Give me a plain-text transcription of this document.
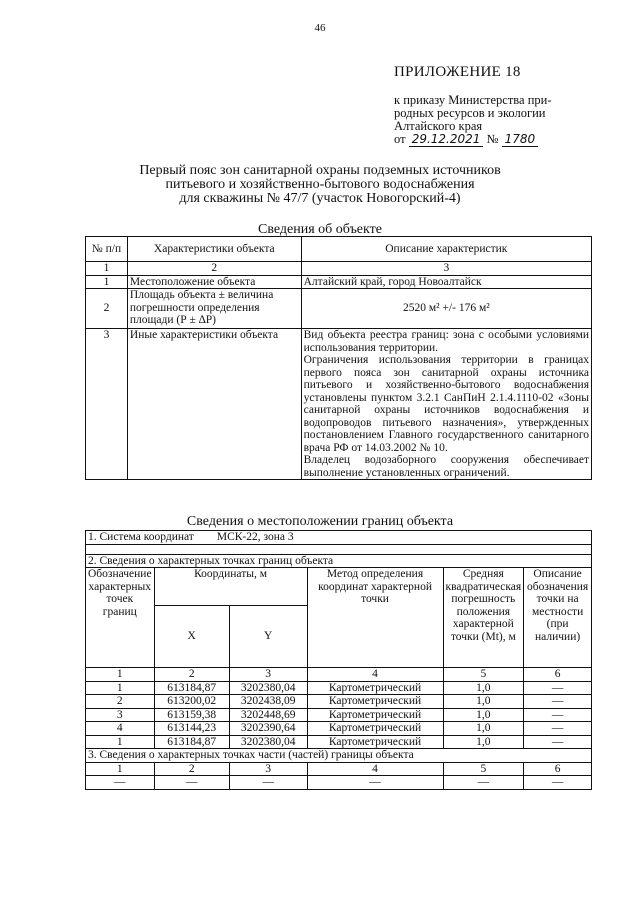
46
ПРИЛОЖЕНИЕ 18
к приказу Министерства при-
родных ресурсов и экологии
Алтайского края
от 29.12.2021 № 1780
Первый пояс зон санитарной охраны подземных источников
питьевого и хозяйственно-бытового водоснабжения
для скважины № 47/7 (участок Новогорский-4)
Сведения об объекте
№ п/п	Характеристики объекта	Описание характеристик
1	2	3
1	Местоположение объекта	Алтайский край, город Новоалтайск
2	Площадь объекта ± величина погрешности определения площади (Р ± ∆Р)	2520 м² +/- 176 м²
3	Иные характеристики объекта	Вид объекта реестра границ: зона с особыми условиями использования территории.
Ограничения использования территории в границах первого пояса зон санитарной охраны источника питьевого и хозяйственно-бытового водоснабжения установлены пунктом 3.2.1 СанПиН 2.1.4.1110-02 «Зоны санитарной охраны источников водоснабжения и водопроводов питьевого назначения», утвержденных постановлением Главного государственного санитарного врача РФ от 14.03.2002 № 10.
Владелец водозаборного сооружения обеспечивает выполнение установленных ограничений.
Сведения о местоположении границ объекта
1. Система координат МСК-22, зона 3					

2. Сведения о характерных точках границ объекта					
Обозначение характерных точек границ	Координаты, м		Метод определения координат характерной точки	Средняя квадратическая погрешность положения характерной точки (Mt), м	Описание обозначения точки на местности (при наличии)
	X	Y			
1	2	3	4	5	6
1	613184,87	3202380,04	Картометрический	1,0	—
2	613200,02	3202438,09	Картометрический	1,0	—
3	613159,38	3202448,69	Картометрический	1,0	—
4	613144,23	3202390,64	Картометрический	1,0	—
1	613184,87	3202380,04	Картометрический	1,0	—
3. Сведения о характерных точках части (частей) границы объекта					
1	2	3	4	5	6
—	—	—	—	—	—
